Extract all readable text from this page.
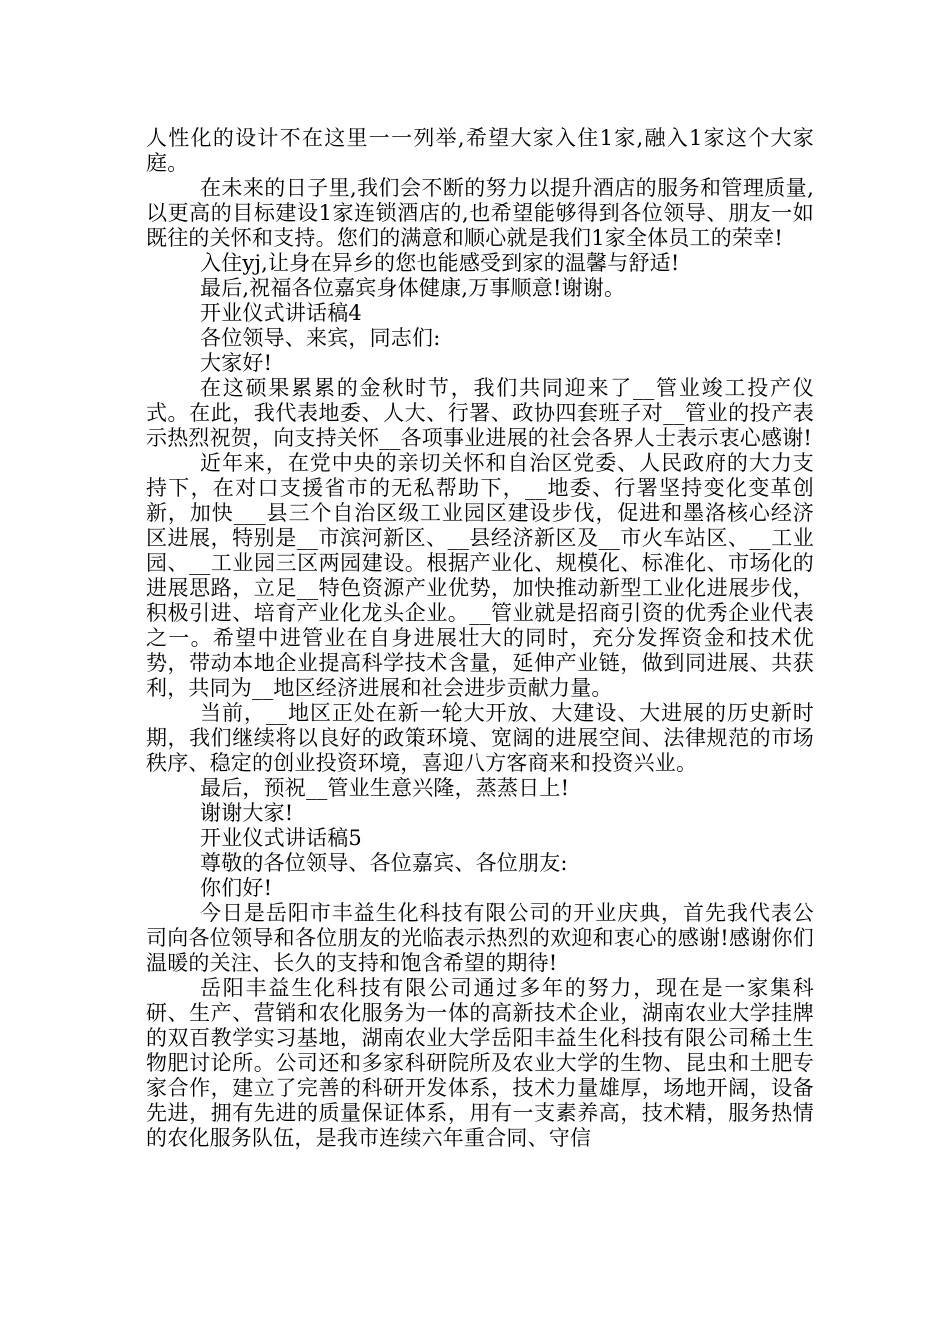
人性化的设计不在这里一一列举,希望大家入住1家,融入1家这个大家庭。

在未来的日子里,我们会不断的努力以提升酒店的服务和管理质量,以更高的目标建设1家连锁酒店的,也希望能够得到各位领导、朋友一如既往的关怀和支持。您们的满意和顺心就是我们1家全体员工的荣幸!

入住yj,让身在异乡的您也能感受到家的温馨与舒适!

最后,祝福各位嘉宾身体健康,万事顺意!谢谢。

开业仪式讲话稿4

各位领导、来宾，同志们:

大家好!

在这硕果累累的金秋时节，我们共同迎来了__管业竣工投产仪式。在此，我代表地委、人大、行署、政协四套班子对__管业的投产表示热烈祝贺，向支持关怀__各项事业进展的社会各界人士表示衷心感谢!

近年来，在党中央的亲切关怀和自治区党委、人民政府的大力支持下，在对口支援省市的无私帮助下，__地委、行署坚持变化变革创新，加快___县三个自治区级工业园区建设步伐，促进和墨洛核心经济区进展，特别是__市滨河新区、__县经济新区及__市火车站区、__工业园、__工业园三区两园建设。根据产业化、规模化、标准化、市场化的进展思路，立足__特色资源产业优势，加快推动新型工业化进展步伐，积极引进、培育产业化龙头企业。__管业就是招商引资的优秀企业代表之一。希望中进管业在自身进展壮大的同时，充分发挥资金和技术优势，带动本地企业提高科学技术含量，延伸产业链，做到同进展、共获利，共同为__地区经济进展和社会进步贡献力量。

当前，__地区正处在新一轮大开放、大建设、大进展的历史新时期，我们继续将以良好的政策环境、宽阔的进展空间、法律规范的市场秩序、稳定的创业投资环境，喜迎八方客商来和投资兴业。

最后，预祝__管业生意兴隆，蒸蒸日上!

谢谢大家!

开业仪式讲话稿5

尊敬的各位领导、各位嘉宾、各位朋友:

你们好!

今日是岳阳市丰益生化科技有限公司的开业庆典，首先我代表公司向各位领导和各位朋友的光临表示热烈的欢迎和衷心的感谢!感谢你们温暖的关注、长久的支持和饱含希望的期待!

岳阳丰益生化科技有限公司通过多年的努力，现在是一家集科研、生产、营销和农化服务为一体的高新技术企业，湖南农业大学挂牌的双百教学实习基地，湖南农业大学岳阳丰益生化科技有限公司稀土生物肥讨论所。公司还和多家科研院所及农业大学的生物、昆虫和土肥专家合作，建立了完善的科研开发体系，技术力量雄厚，场地开阔，设备先进，拥有先进的质量保证体系，用有一支素养高，技术精，服务热情的农化服务队伍，是我市连续六年重合同、守信
